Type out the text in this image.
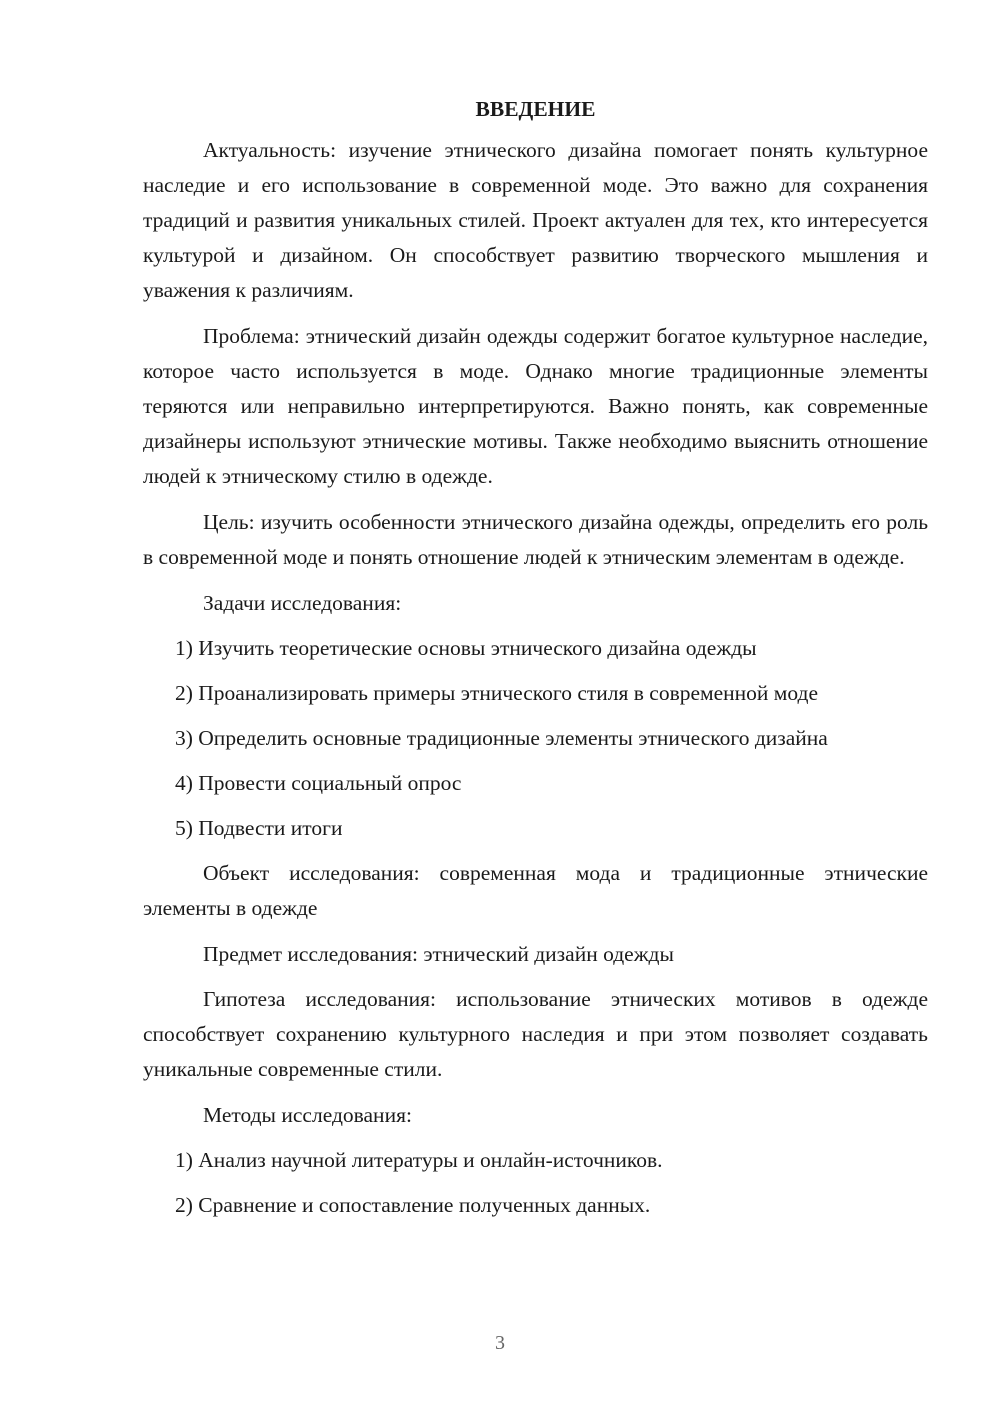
ВВЕДЕНИЕ

Актуальность: изучение этнического дизайна помогает понять культурное наследие и его использование в современной моде. Это важно для сохранения традиций и развития уникальных стилей. Проект актуален для тех, кто интересуется культурой и дизайном. Он способствует развитию творческого мышления и уважения к различиям.

Проблема: этнический дизайн одежды содержит богатое культурное наследие, которое часто используется в моде. Однако многие традиционные элементы теряются или неправильно интерпретируются. Важно понять, как современные дизайнеры используют этнические мотивы. Также необходимо выяснить отношение людей к этническому стилю в одежде.

Цель: изучить особенности этнического дизайна одежды, определить его роль в современной моде и понять отношение людей к этническим элементам в одежде.

Задачи исследования:
1) Изучить теоретические основы этнического дизайна одежды
2) Проанализировать примеры этнического стиля в современной моде
3) Определить основные традиционные элементы этнического дизайна
4) Провести социальный опрос
5) Подвести итоги

Объект исследования: современная мода и традиционные этнические элементы в одежде

Предмет исследования: этнический дизайн одежды

Гипотеза исследования: использование этнических мотивов в одежде способствует сохранению культурного наследия и при этом позволяет создавать уникальные современные стили.

Методы исследования:
1) Анализ научной литературы и онлайн-источников.
2) Сравнение и сопоставление полученных данных.
3
